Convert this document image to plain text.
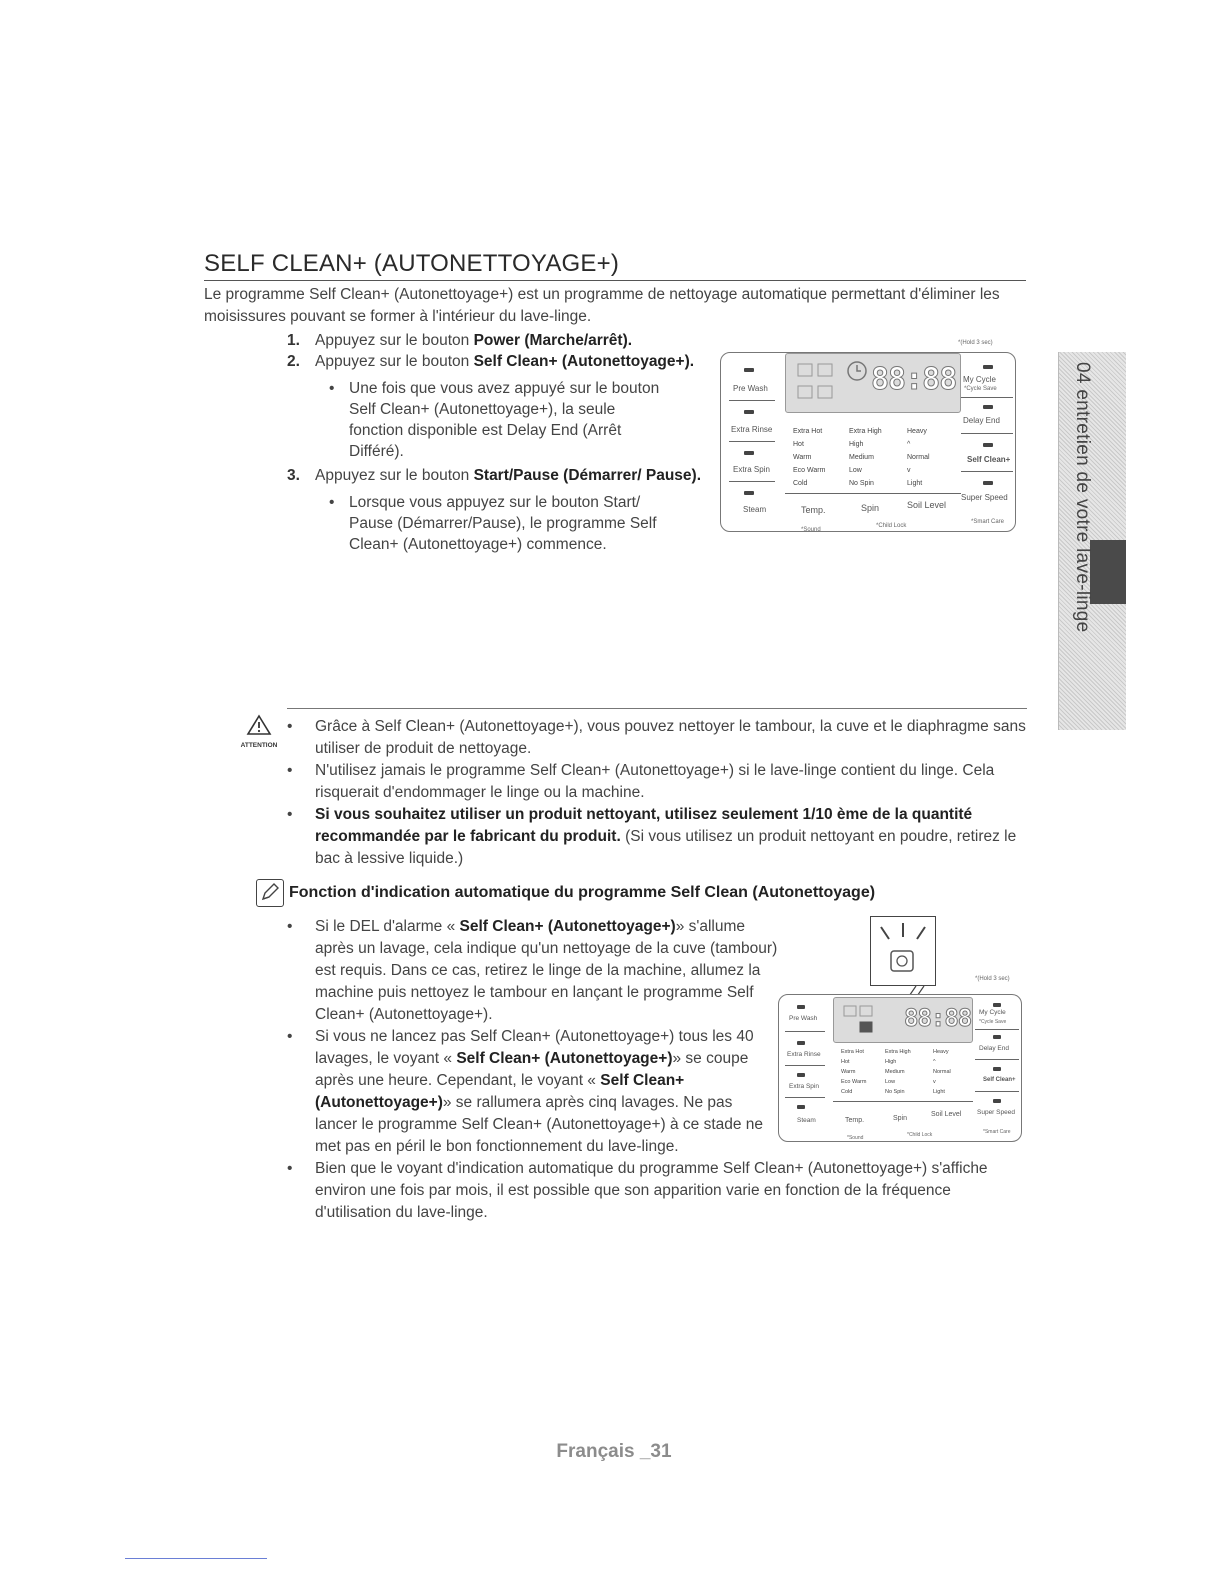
SELF CLEAN+ (AUTONETTOYAGE+)
Le programme Self Clean+ (Autonettoyage+) est un programme de nettoyage automatique permettant d'éliminer les moisissures pouvant se former à l'intérieur du lave-linge.
1. Appuyez sur le bouton Power (Marche/arrêt).
2. Appuyez sur le bouton Self Clean+ (Autonettoyage+).
• Une fois que vous avez appuyé sur le bouton Self Clean+ (Autonettoyage+), la seule fonction disponible est Delay End (Arrêt Différé).
3. Appuyez sur le bouton Start/Pause (Démarrer/ Pause).
• Lorsque vous appuyez sur le bouton Start/ Pause (Démarrer/Pause), le programme Self Clean+ (Autonettoyage+) commence.
*(Hold 3 sec)
Pre Wash
Extra Rinse
Extra Spin
Steam
88:88
Extra Hot
Hot
Warm
Eco Warm
Cold
Extra High
High
Medium
Low
No Spin
Heavy
^
Normal
v
Light
Temp.	Spin	Soil Level
My Cycle
*Cycle Save
Delay End
Self Clean+
Super Speed
*Sound
*Child Lock
*Smart Care	04 entretien de votre lave-linge
ATTENTION
• Grâce à Self Clean+ (Autonettoyage+), vous pouvez nettoyer le tambour, la cuve et le diaphragme sans utiliser de produit de nettoyage.
• N'utilisez jamais le programme Self Clean+ (Autonettoyage+) si le lave-linge contient du linge. Cela risquerait d'endommager le linge ou la machine.
• Si vous souhaitez utiliser un produit nettoyant, utilisez seulement 1/10 ème de la quantité recommandée par le fabricant du produit. (Si vous utilisez un produit nettoyant en poudre, retirez le bac à lessive liquide.)
Fonction d'indication automatique du programme Self Clean (Autonettoyage)
• Si le DEL d'alarme « Self Clean+ (Autonettoyage+)» s'allume après un lavage, cela indique qu'un nettoyage de la cuve (tambour) est requis. Dans ce cas, retirez le linge de la machine, allumez la machine puis nettoyez le tambour en lançant le programme Self Clean+ (Autonettoyage+).
• Si vous ne lancez pas Self Clean+ (Autonettoyage+) tous les 40 lavages, le voyant « Self Clean+ (Autonettoyage+)» se coupe après une heure. Cependant, le voyant « Self Clean+ (Autonettoyage+)» se rallumera après cinq lavages. Ne pas lancer le programme Self Clean+ (Autonettoyage+) à ce stade ne met pas en péril le bon fonctionnement du lave-linge.
• Bien que le voyant d'indication automatique du programme Self Clean+ (Autonettoyage+) s'affiche environ une fois par mois, il est possible que son apparition varie en fonction de la fréquence d'utilisation du lave-linge.
*(Hold 3 sec)
Pre Wash
Extra Rinse
Extra Spin
Steam
88:88
Extra Hot
Hot
Warm
Eco Warm
Cold
Extra High
High
Medium
Low
No Spin
Heavy
^
Normal
v
Light
Temp.	Spin
Soil Level
My Cycle
*Cycle Save
Delay End
Self Clean+
Super Speed
*Sound	*Child Lock	*Smart Care
Français _31
